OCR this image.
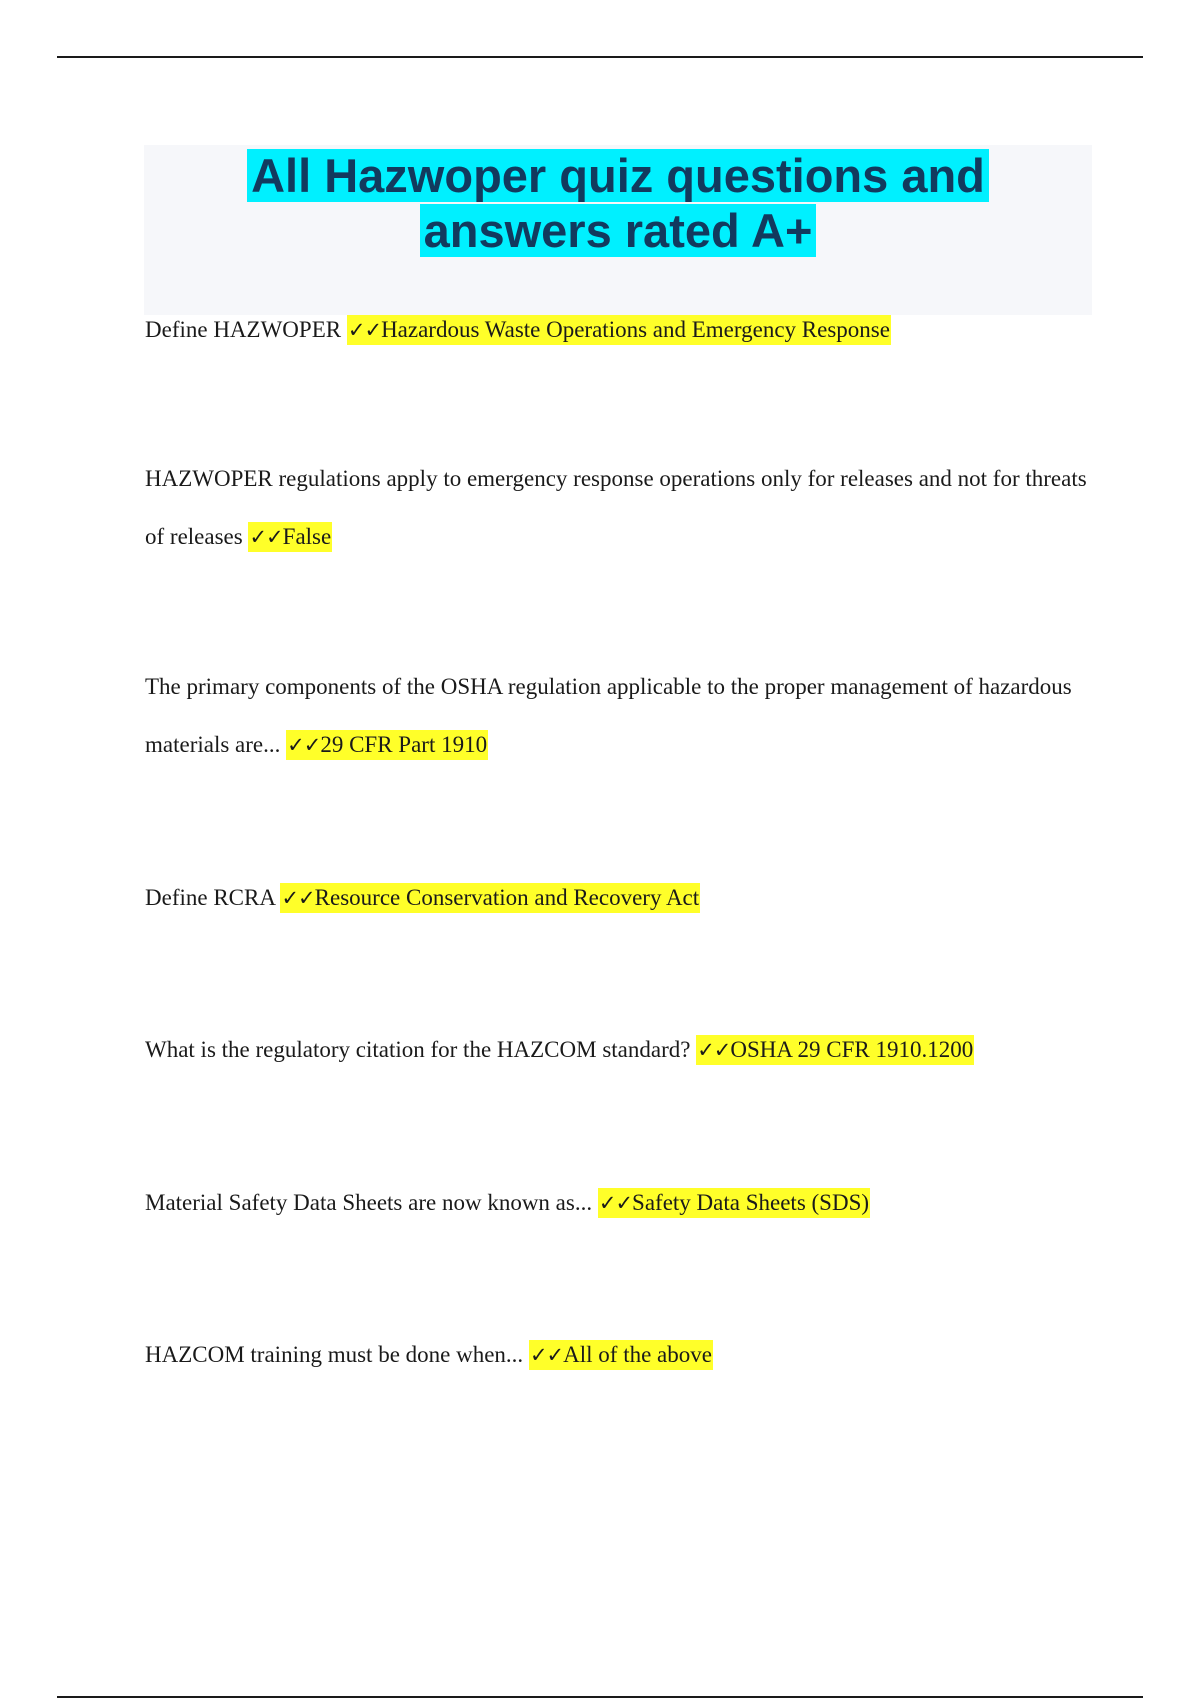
All Hazwoper quiz questions and
answers rated A+

Define HAZWOPER ✓✓Hazardous Waste Operations and Emergency Response

HAZWOPER regulations apply to emergency response operations only for releases and not for threats of releases ✓✓False

The primary components of the OSHA regulation applicable to the proper management of hazardous materials are... ✓✓29 CFR Part 1910

Define RCRA ✓✓Resource Conservation and Recovery Act

What is the regulatory citation for the HAZCOM standard? ✓✓OSHA 29 CFR 1910.1200

Material Safety Data Sheets are now known as... ✓✓Safety Data Sheets (SDS)

HAZCOM training must be done when... ✓✓All of the above
